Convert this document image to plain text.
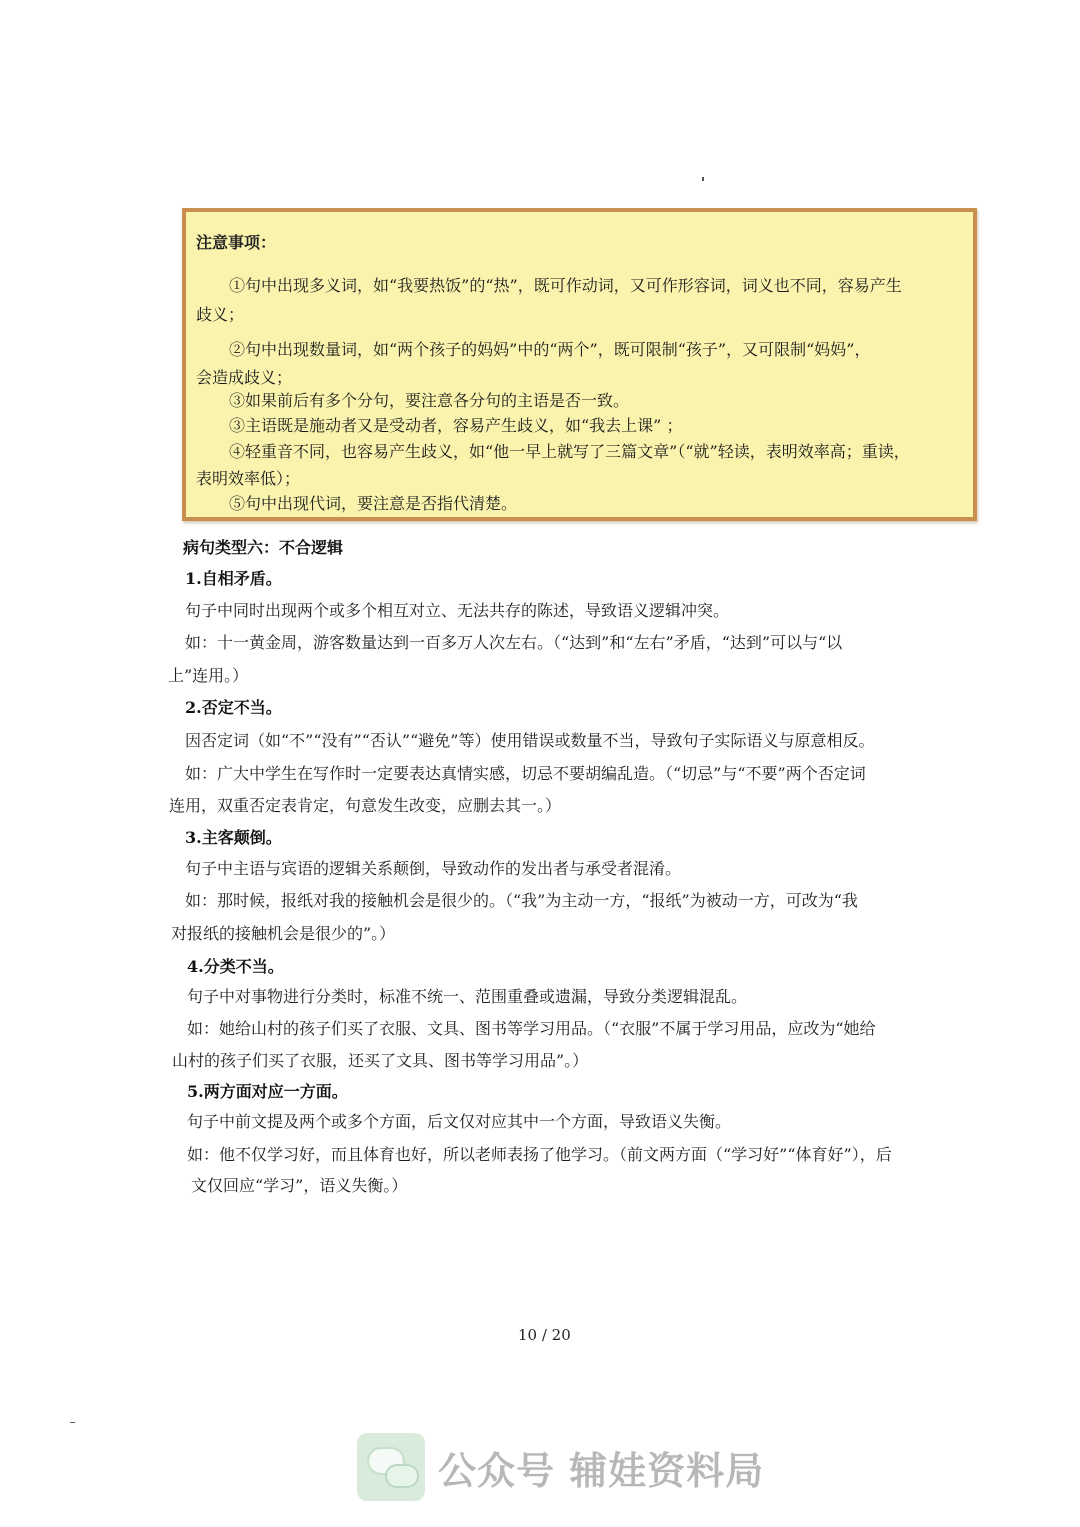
注意事项：
①句中出现多义词，如“我要热饭”的“热”，既可作动词，又可作形容词，词义也不同，容易产生
歧义；
②句中出现数量词，如“两个孩子的妈妈”中的“两个”，既可限制“孩子”，又可限制“妈妈”，
会造成歧义；
③如果前后有多个分句，要注意各分句的主语是否一致。
③主语既是施动者又是受动者，容易产生歧义，如“我去上课” ；
④轻重音不同，也容易产生歧义，如“他一早上就写了三篇文章”（“就”轻读，表明效率高；重读，
表明效率低）；
⑤句中出现代词，要注意是否指代清楚。
病句类型六：不合逻辑
1.自相矛盾。
句子中同时出现两个或多个相互对立、无法共存的陈述，导致语义逻辑冲突。
如：十一黄金周，游客数量达到一百多万人次左右。（“达到”和“左右”矛盾，“达到”可以与“以
上”连用。）
2.否定不当。
因否定词（如“不”“没有”“否认”“避免”等）使用错误或数量不当，导致句子实际语义与原意相反。
如：广大中学生在写作时一定要表达真情实感，切忌不要胡编乱造。（“切忌”与“不要”两个否定词
连用，双重否定表肯定，句意发生改变，应删去其一。）
3.主客颠倒。
句子中主语与宾语的逻辑关系颠倒，导致动作的发出者与承受者混淆。
如：那时候，报纸对我的接触机会是很少的。（“我”为主动一方，“报纸”为被动一方，可改为“我
对报纸的接触机会是很少的”。）
4.分类不当。
句子中对事物进行分类时，标准不统一、范围重叠或遗漏，导致分类逻辑混乱。
如：她给山村的孩子们买了衣服、文具、图书等学习用品。（“衣服”不属于学习用品，应改为“她给
山村的孩子们买了衣服，还买了文具、图书等学习用品”。）
5.两方面对应一方面。
句子中前文提及两个或多个方面，后文仅对应其中一个方面，导致语义失衡。
如：他不仅学习好，而且体育也好，所以老师表扬了他学习。（前文两方面（“学习好”“体育好”），后
文仅回应“学习”，语义失衡。）
10 / 20
公众号 辅娃资料局
